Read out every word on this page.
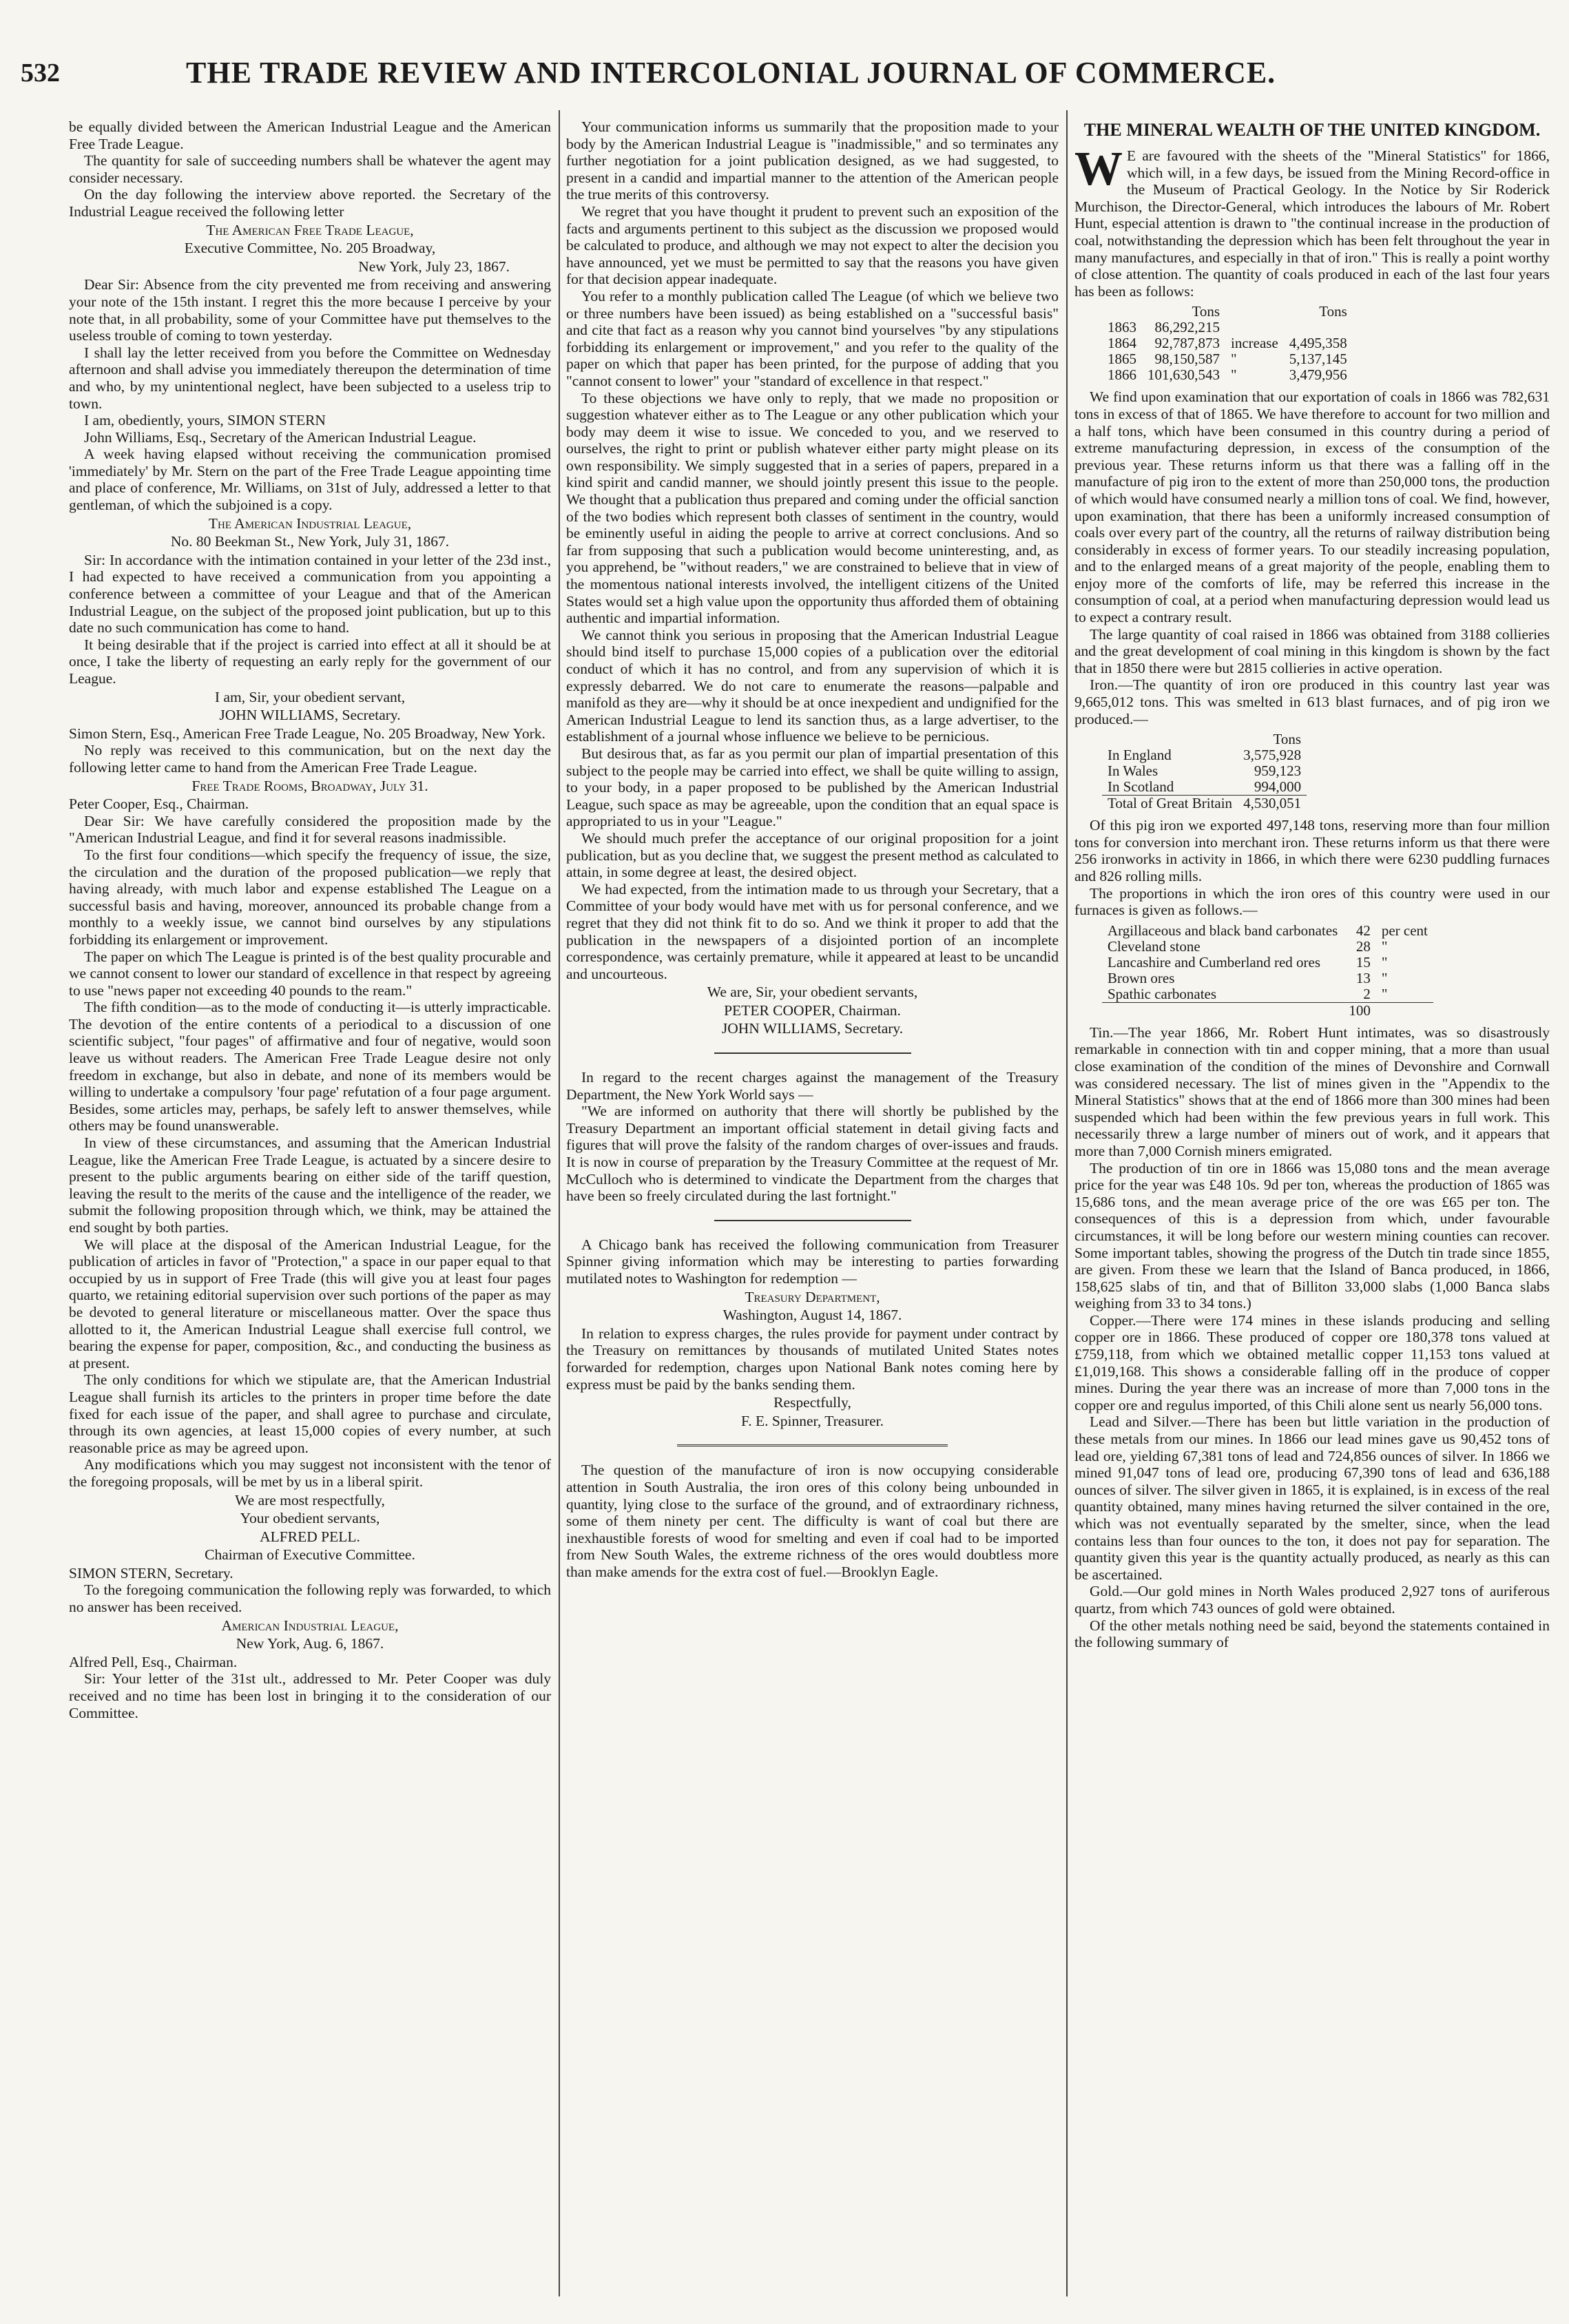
532	THE TRADE REVIEW AND INTERCOLONIAL JOURNAL OF COMMERCE.

be equally divided between the American Industrial League and the American Free Trade League.

The quantity for sale of succeeding numbers shall be whatever the agent may consider necessary.

On the day following the interview above reported. the Secretary of the Industrial League received the following letter

The American Free Trade League,
Executive Committee, No. 205 Broadway,
New York, July 23, 1867.

Dear Sir: Absence from the city prevented me from receiving and answering your note of the 15th instant. I regret this the more because I perceive by your note that, in all probability, some of your Committee have put themselves to the useless trouble of coming to town yesterday.

I shall lay the letter received from you before the Committee on Wednesday afternoon and shall advise you immediately thereupon the determination of time and who, by my unintentional neglect, have been subjected to a useless trip to town.

I am, obediently, yours, SIMON STERN

John Williams, Esq., Secretary of the American Industrial League.

A week having elapsed without receiving the communication promised 'immediately' by Mr. Stern on the part of the Free Trade League appointing time and place of conference, Mr. Williams, on 31st of July, addressed a letter to that gentleman, of which the subjoined is a copy.

The American Industrial League,
No. 80 Beekman St., New York, July 31, 1867.

Sir: In accordance with the intimation contained in your letter of the 23d inst., I had expected to have received a communication from you appointing a conference between a committee of your League and that of the American Industrial League, on the subject of the proposed joint publication, but up to this date no such communication has come to hand.

It being desirable that if the project is carried into effect at all it should be at once, I take the liberty of requesting an early reply for the government of our League.

I am, Sir, your obedient servant,
JOHN WILLIAMS, Secretary.

Simon Stern, Esq., American Free Trade League, No. 205 Broadway, New York.

No reply was received to this communication, but on the next day the following letter came to hand from the American Free Trade League.

Free Trade Rooms, Broadway, July 31.

Peter Cooper, Esq., Chairman.

Dear Sir: We have carefully considered the proposition made by the "American Industrial League, and find it for several reasons inadmissible.

To the first four conditions—which specify the frequency of issue, the size, the circulation and the duration of the proposed publication—we reply that having already, with much labor and expense established The League on a successful basis and having, moreover, announced its probable change from a monthly to a weekly issue, we cannot bind ourselves by any stipulations forbidding its enlargement or improvement.

The paper on which The League is printed is of the best quality procurable and we cannot consent to lower our standard of excellence in that respect by agreeing to use "news paper not exceeding 40 pounds to the ream."

The fifth condition—as to the mode of conducting it—is utterly impracticable. The devotion of the entire contents of a periodical to a discussion of one scientific subject, "four pages" of affirmative and four of negative, would soon leave us without readers. The American Free Trade League desire not only freedom in exchange, but also in debate, and none of its members would be willing to undertake a compulsory 'four page' refutation of a four page argument. Besides, some articles may, perhaps, be safely left to answer themselves, while others may be found unanswerable.

In view of these circumstances, and assuming that the American Industrial League, like the American Free Trade League, is actuated by a sincere desire to present to the public arguments bearing on either side of the tariff question, leaving the result to the merits of the cause and the intelligence of the reader, we submit the following proposition through which, we think, may be attained the end sought by both parties.

We will place at the disposal of the American Industrial League, for the publication of articles in favor of "Protection," a space in our paper equal to that occupied by us in support of Free Trade (this will give you at least four pages quarto, we retaining editorial supervision over such portions of the paper as may be devoted to general literature or miscellaneous matter. Over the space thus allotted to it, the American Industrial League shall exercise full control, we bearing the expense for paper, composition, &c., and conducting the business as at present.

The only conditions for which we stipulate are, that the American Industrial League shall furnish its articles to the printers in proper time before the date fixed for each issue of the paper, and shall agree to purchase and circulate, through its own agencies, at least 15,000 copies of every number, at such reasonable price as may be agreed upon.

Any modifications which you may suggest not inconsistent with the tenor of the foregoing proposals, will be met by us in a liberal spirit.

We are most respectfully,
Your obedient servants,
ALFRED PELL.
Chairman of Executive Committee.

SIMON STERN, Secretary.

To the foregoing communication the following reply was forwarded, to which no answer has been received.

American Industrial League,
New York, Aug. 6, 1867.

Alfred Pell, Esq., Chairman.

Sir: Your letter of the 31st ult., addressed to Mr. Peter Cooper was duly received and no time has been lost in bringing it to the consideration of our Committee.

Your communication informs us summarily that the proposition made to your body by the American Industrial League is "inadmissible," and so terminates any further negotiation for a joint publication designed, as we had suggested, to present in a candid and impartial manner to the attention of the American people the true merits of this controversy.

We regret that you have thought it prudent to prevent such an exposition of the facts and arguments pertinent to this subject as the discussion we proposed would be calculated to produce, and although we may not expect to alter the decision you have announced, yet we must be permitted to say that the reasons you have given for that decision appear inadequate.

You refer to a monthly publication called The League (of which we believe two or three numbers have been issued) as being established on a "successful basis" and cite that fact as a reason why you cannot bind yourselves "by any stipulations forbidding its enlargement or improvement," and you refer to the quality of the paper on which that paper has been printed, for the purpose of adding that you "cannot consent to lower" your "standard of excellence in that respect."

To these objections we have only to reply, that we made no proposition or suggestion whatever either as to The League or any other publication which your body may deem it wise to issue. We conceded to you, and we reserved to ourselves, the right to print or publish whatever either party might please on its own responsibility. We simply suggested that in a series of papers, prepared in a kind spirit and candid manner, we should jointly present this issue to the people. We thought that a publication thus prepared and coming under the official sanction of the two bodies which represent both classes of sentiment in the country, would be eminently useful in aiding the people to arrive at correct conclusions. And so far from supposing that such a publication would become uninteresting, and, as you apprehend, be "without readers," we are constrained to believe that in view of the momentous national interests involved, the intelligent citizens of the United States would set a high value upon the opportunity thus afforded them of obtaining authentic and impartial information.

We cannot think you serious in proposing that the American Industrial League should bind itself to purchase 15,000 copies of a publication over the editorial conduct of which it has no control, and from any supervision of which it is expressly debarred. We do not care to enumerate the reasons—palpable and manifold as they are—why it should be at once inexpedient and undignified for the American Industrial League to lend its sanction thus, as a large advertiser, to the establishment of a journal whose influence we believe to be pernicious.

But desirous that, as far as you permit our plan of impartial presentation of this subject to the people may be carried into effect, we shall be quite willing to assign, to your body, in a paper proposed to be published by the American Industrial League, such space as may be agreeable, upon the condition that an equal space is appropriated to us in your "League."

We should much prefer the acceptance of our original proposition for a joint publication, but as you decline that, we suggest the present method as calculated to attain, in some degree at least, the desired object.

We had expected, from the intimation made to us through your Secretary, that a Committee of your body would have met with us for personal conference, and we regret that they did not think fit to do so. And we think it proper to add that the publication in the newspapers of a disjointed portion of an incomplete correspondence, was certainly premature, while it appeared at least to be uncandid and uncourteous.

We are, Sir, your obedient servants,
PETER COOPER, Chairman.
JOHN WILLIAMS, Secretary.

In regard to the recent charges against the management of the Treasury Department, the New York World says —

"We are informed on authority that there will shortly be published by the Treasury Department an important official statement in detail giving facts and figures that will prove the falsity of the random charges of over-issues and frauds. It is now in course of preparation by the Treasury Committee at the request of Mr. McCulloch who is determined to vindicate the Department from the charges that have been so freely circulated during the last fortnight."

A Chicago bank has received the following communication from Treasurer Spinner giving information which may be interesting to parties forwarding mutilated notes to Washington for redemption —

Treasury Department,
Washington, August 14, 1867.

In relation to express charges, the rules provide for payment under contract by the Treasury on remittances by thousands of mutilated United States notes forwarded for redemption, charges upon National Bank notes coming here by express must be paid by the banks sending them.

Respectfully,
F. E. Spinner, Treasurer.

The question of the manufacture of iron is now occupying considerable attention in South Australia, the iron ores of this colony being unbounded in quantity, lying close to the surface of the ground, and of extraordinary richness, some of them ninety per cent. The difficulty is want of coal but there are inexhaustible forests of wood for smelting and even if coal had to be imported from New South Wales, the extreme richness of the ores would doubtless more than make amends for the extra cost of fuel.—Brooklyn Eagle.

THE MINERAL WEALTH OF THE UNITED KINGDOM.

W E are favoured with the sheets of the "Mineral Statistics" for 1866, which will, in a few days, be issued from the Mining Record-office in the Museum of Practical Geology. In the Notice by Sir Roderick Murchison, the Director-General, which introduces the labours of Mr. Robert Hunt, especial attention is drawn to "the continual increase in the production of coal, notwithstanding the depression which has been felt throughout the year in many manufactures, and especially in that of iron." This is really a point worthy of close attention. The quantity of coals produced in each of the last four years has been as follows:

	Tons		Tons
1863	86,292,215		
1864	92,787,873	increase	4,495,358
1865	98,150,587	"	5,137,145
1866	101,630,543	"	3,479,956

We find upon examination that our exportation of coals in 1866 was 782,631 tons in excess of that of 1865. We have therefore to account for two million and a half tons, which have been consumed in this country during a period of extreme manufacturing depression, in excess of the consumption of the previous year. These returns inform us that there was a falling off in the manufacture of pig iron to the extent of more than 250,000 tons, the production of which would have consumed nearly a million tons of coal. We find, however, upon examination, that there has been a uniformly increased consumption of coals over every part of the country, all the returns of railway distribution being considerably in excess of former years. To our steadily increasing population, and to the enlarged means of a great majority of the people, enabling them to enjoy more of the comforts of life, may be referred this increase in the consumption of coal, at a period when manufacturing depression would lead us to expect a contrary result.

The large quantity of coal raised in 1866 was obtained from 3188 collieries and the great development of coal mining in this kingdom is shown by the fact that in 1850 there were but 2815 collieries in active operation.

Iron.—The quantity of iron ore produced in this country last year was 9,665,012 tons. This was smelted in 613 blast furnaces, and of pig iron we produced.—

	Tons
In England	3,575,928
In Wales	959,123
In Scotland	994,000
Total of Great Britain	4,530,051

Of this pig iron we exported 497,148 tons, reserving more than four million tons for conversion into merchant iron. These returns inform us that there were 256 ironworks in activity in 1866, in which there were 6230 puddling furnaces and 826 rolling mills.

The proportions in which the iron ores of this country were used in our furnaces is given as follows.—

Argillaceous and black band carbonates	42	per cent
Cleveland stone	28	"
Lancashire and Cumberland red ores	15	"
Brown ores	13	"
Spathic carbonates	2	"
	100	

Tin.—The year 1866, Mr. Robert Hunt intimates, was so disastrously remarkable in connection with tin and copper mining, that a more than usual close examination of the condition of the mines of Devonshire and Cornwall was considered necessary. The list of mines given in the "Appendix to the Mineral Statistics" shows that at the end of 1866 more than 300 mines had been suspended which had been within the few previous years in full work. This necessarily threw a large number of miners out of work, and it appears that more than 7,000 Cornish miners emigrated.

The production of tin ore in 1866 was 15,080 tons and the mean average price for the year was £48 10s. 9d per ton, whereas the production of 1865 was 15,686 tons, and the mean average price of the ore was £65 per ton. The consequences of this is a depression from which, under favourable circumstances, it will be long before our western mining counties can recover. Some important tables, showing the progress of the Dutch tin trade since 1855, are given. From these we learn that the Island of Banca produced, in 1866, 158,625 slabs of tin, and that of Billiton 33,000 slabs (1,000 Banca slabs weighing from 33 to 34 tons.)

Copper.—There were 174 mines in these islands producing and selling copper ore in 1866. These produced of copper ore 180,378 tons valued at £759,118, from which we obtained metallic copper 11,153 tons valued at £1,019,168. This shows a considerable falling off in the produce of copper mines. During the year there was an increase of more than 7,000 tons in the copper ore and regulus imported, of this Chili alone sent us nearly 56,000 tons.

Lead and Silver.—There has been but little variation in the production of these metals from our mines. In 1866 our lead mines gave us 90,452 tons of lead ore, yielding 67,381 tons of lead and 724,856 ounces of silver. In 1866 we mined 91,047 tons of lead ore, producing 67,390 tons of lead and 636,188 ounces of silver. The silver given in 1865, it is explained, is in excess of the real quantity obtained, many mines having returned the silver contained in the ore, which was not eventually separated by the smelter, since, when the lead contains less than four ounces to the ton, it does not pay for separation. The quantity given this year is the quantity actually produced, as nearly as this can be ascertained.

Gold.—Our gold mines in North Wales produced 2,927 tons of auriferous quartz, from which 743 ounces of gold were obtained.

Of the other metals nothing need be said, beyond the statements contained in the following summary of
